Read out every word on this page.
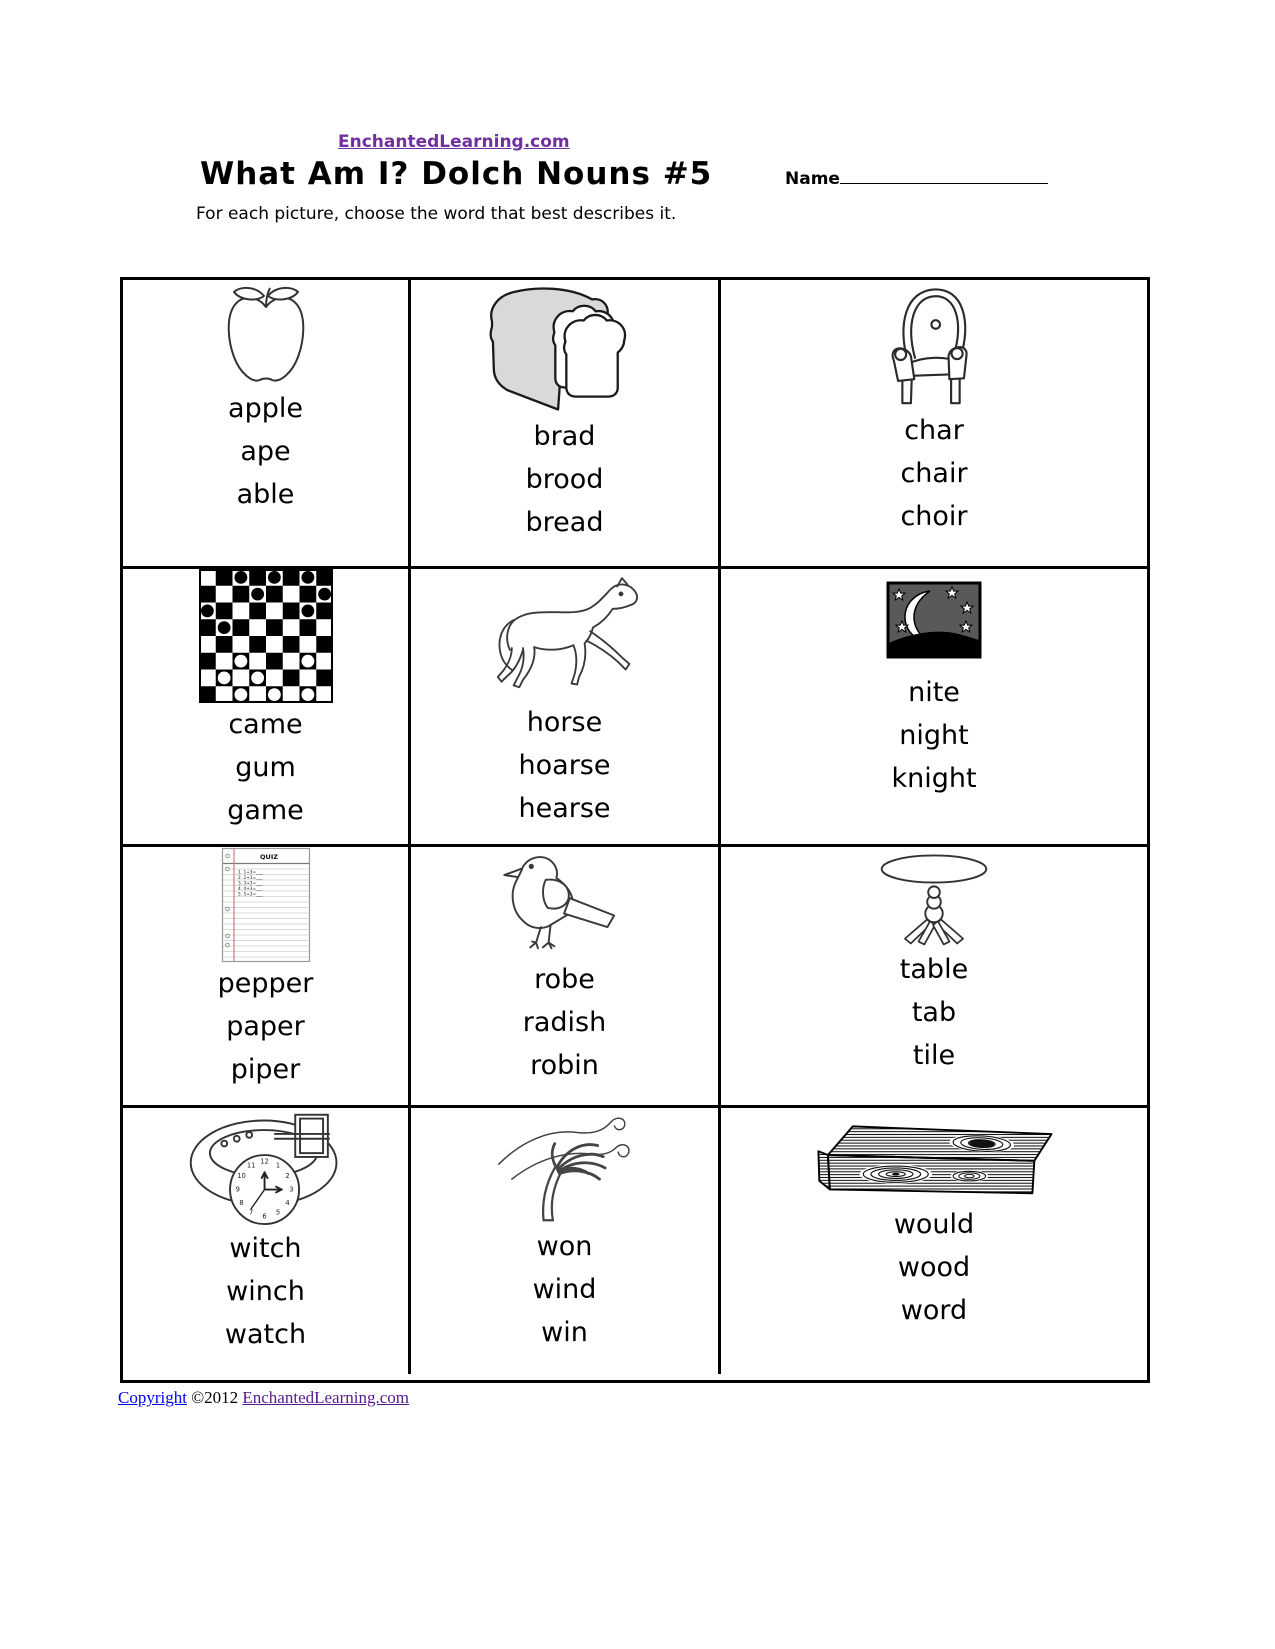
EnchantedLearning.com
What Am I? Dolch Nouns #5	Name
For each picture, choose the word that best describes it.
apple
ape
able
brad
brood
bread
char
chair
choir
came
gum
game
horse
hoarse
hearse
nite
night
knight
QUIZ
1. 1+3=___
2. 2+3=___
3. 3+3=___
4. 4+3=___
5. 5+3=___
pepper
paper
piper
robe
radish
robin
table
tab
tile
12 1
2
3
4
5
6
7
8
9
10
11
witch
winch
watch
won
wind
win
would
wood
word
Copyright ©2012 EnchantedLearning.com
